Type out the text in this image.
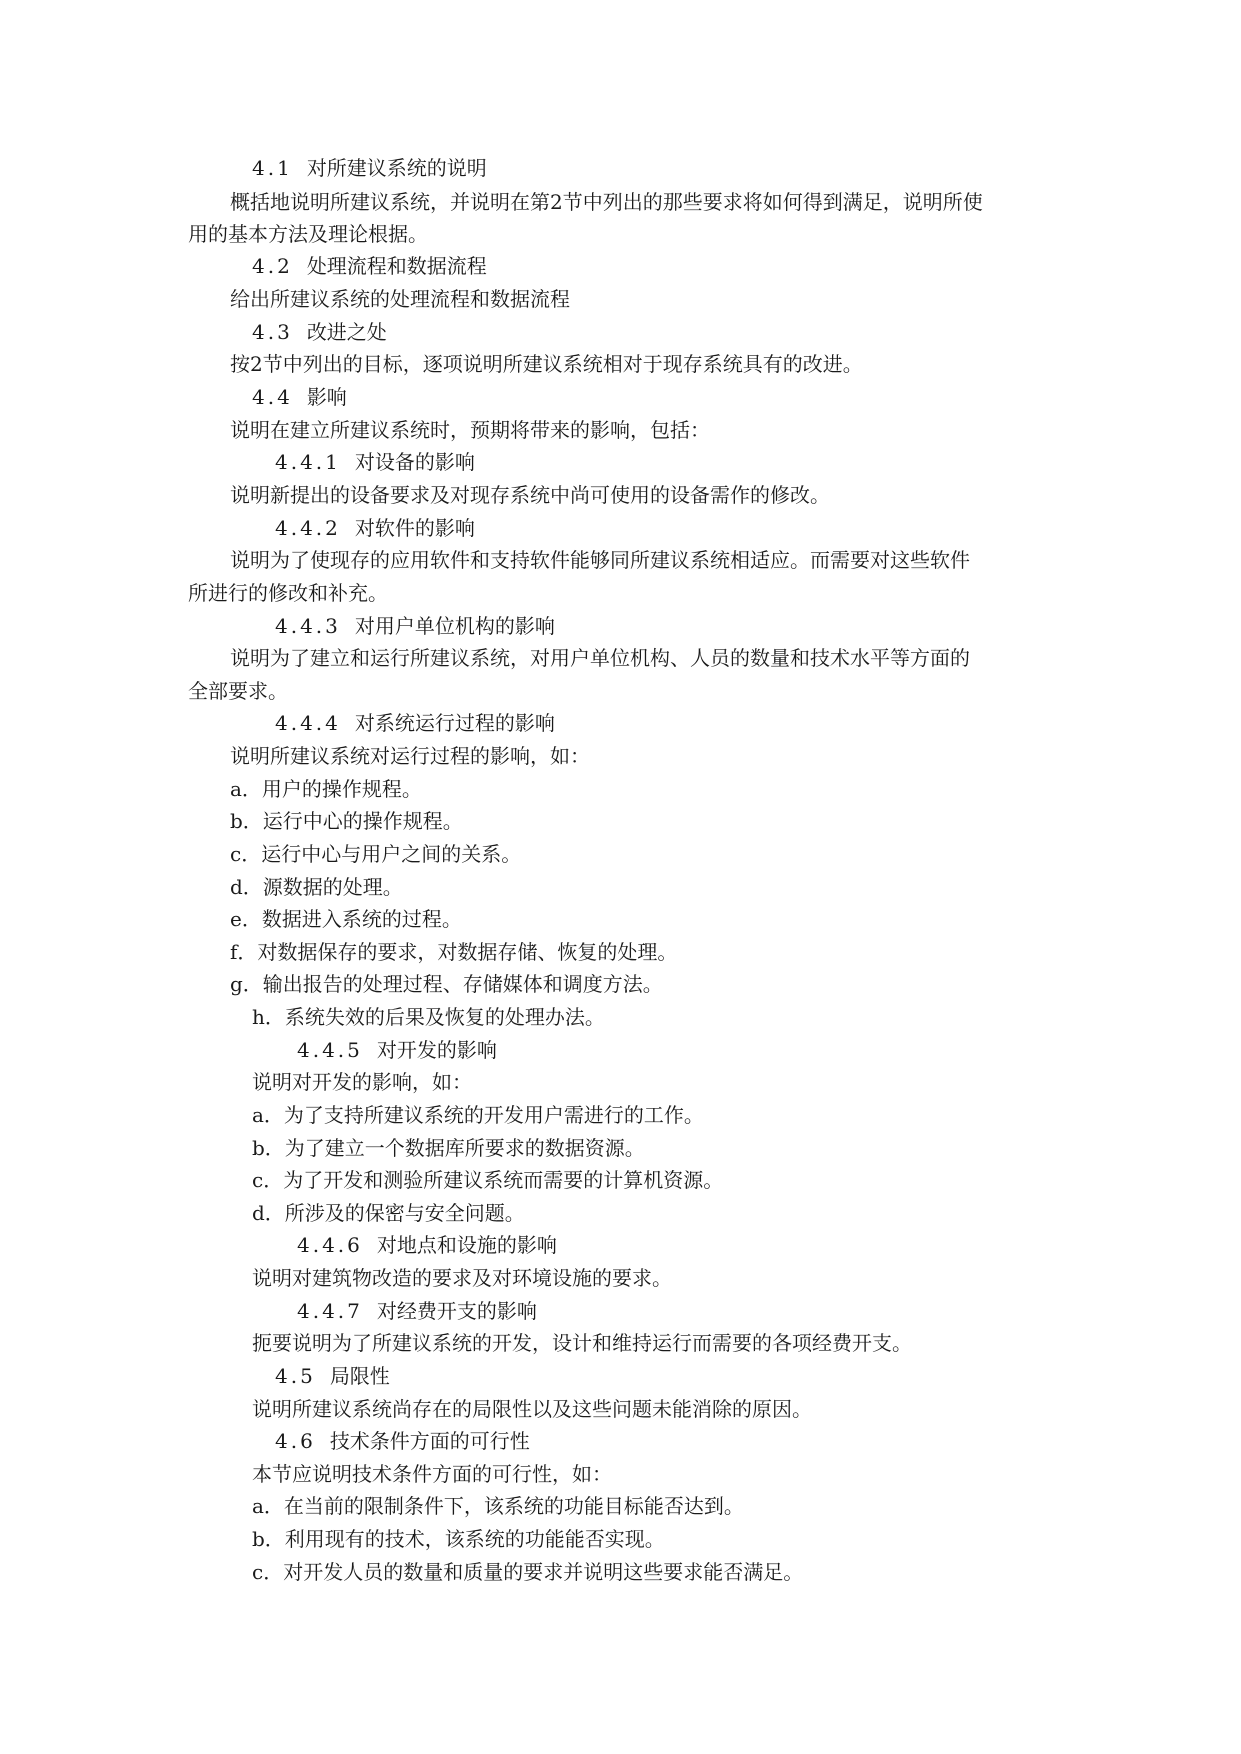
4.1 对所建议系统的说明
概括地说明所建议系统，并说明在第2节中列出的那些要求将如何得到满足，说明所使
用的基本方法及理论根据。
4.2 处理流程和数据流程
给出所建议系统的处理流程和数据流程
4.3 改进之处
按2节中列出的目标，逐项说明所建议系统相对于现存系统具有的改进。
4.4 影响
说明在建立所建议系统时，预期将带来的影响，包括：
4.4.1 对设备的影响
说明新提出的设备要求及对现存系统中尚可使用的设备需作的修改。
4.4.2 对软件的影响
说明为了使现存的应用软件和支持软件能够同所建议系统相适应。而需要对这些软件
所进行的修改和补充。
4.4.3 对用户单位机构的影响
说明为了建立和运行所建议系统，对用户单位机构、人员的数量和技术水平等方面的
全部要求。
4.4.4 对系统运行过程的影响
说明所建议系统对运行过程的影响，如：
a．用户的操作规程。
b．运行中心的操作规程。
c．运行中心与用户之间的关系。
d．源数据的处理。
e．数据进入系统的过程。
f．对数据保存的要求，对数据存储、恢复的处理。
g．输出报告的处理过程、存储媒体和调度方法。
h．系统失效的后果及恢复的处理办法。
4.4.5 对开发的影响
说明对开发的影响，如：
a．为了支持所建议系统的开发用户需进行的工作。
b．为了建立一个数据库所要求的数据资源。
c．为了开发和测验所建议系统而需要的计算机资源。
d．所涉及的保密与安全问题。
4.4.6 对地点和设施的影响
说明对建筑物改造的要求及对环境设施的要求。
4.4.7 对经费开支的影响
扼要说明为了所建议系统的开发，设计和维持运行而需要的各项经费开支。
4.5 局限性
说明所建议系统尚存在的局限性以及这些问题未能消除的原因。
4.6 技术条件方面的可行性
本节应说明技术条件方面的可行性，如：
a．在当前的限制条件下，该系统的功能目标能否达到。
b．利用现有的技术，该系统的功能能否实现。
c．对开发人员的数量和质量的要求并说明这些要求能否满足。
